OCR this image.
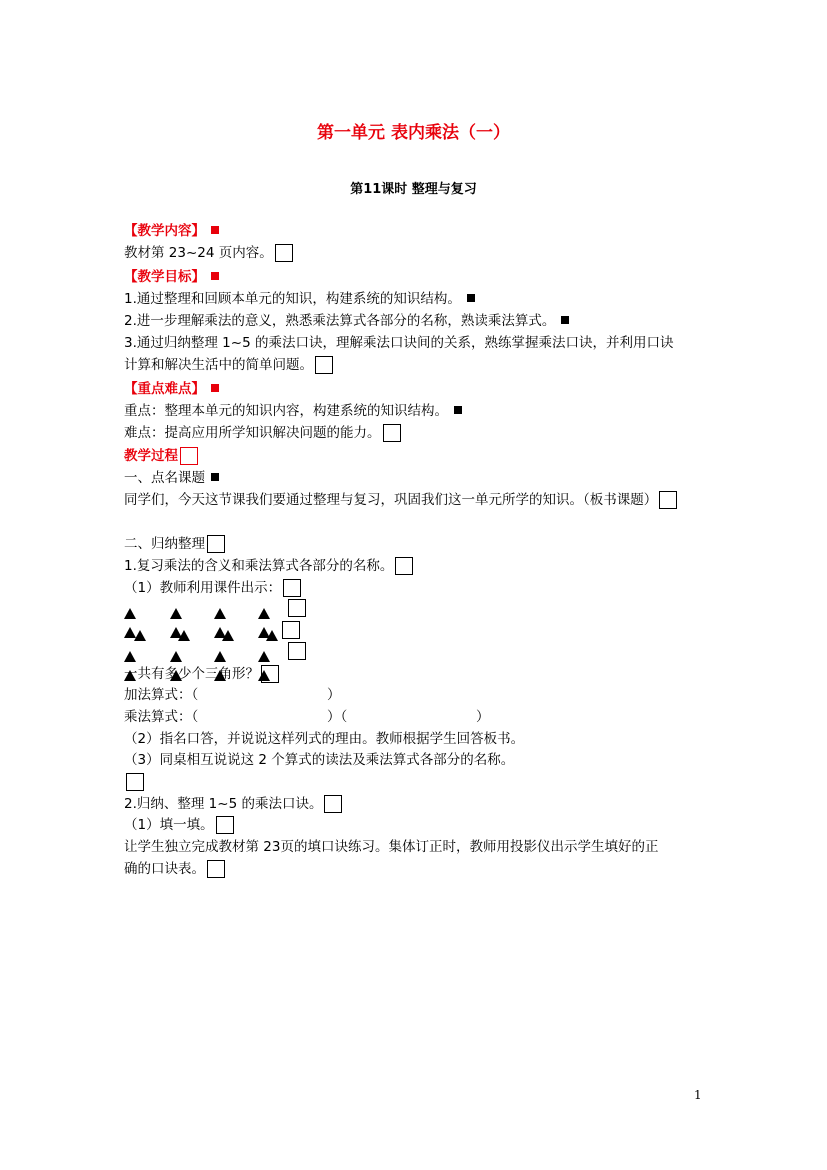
第一单元 表内乘法（一）
第11课时 整理与复习
【教学内容】
教材第 23~24 页内容。
【教学目标】
1.通过整理和回顾本单元的知识，构建系统的知识结构。
2.进一步理解乘法的意义，熟悉乘法算式各部分的名称，熟读乘法算式。
3.通过归纳整理 1~5 的乘法口诀，理解乘法口诀间的关系，熟练掌握乘法口诀，并利用口诀
计算和解决生活中的简单问题。
【重点难点】
重点：整理本单元的知识内容，构建系统的知识结构。
难点：提高应用所学知识解决问题的能力。
教学过程
一、点名课题
同学们，今天这节课我们要通过整理与复习，巩固我们这一单元所学的知识。（板书课题）
二、归纳整理
1.复习乘法的含义和乘法算式各部分的名称。
（1）教师利用课件出示：
一共有多少个三角形？
加法算式：（                              ）
乘法算式：（                              ）（                              ）
（2）指名口答，并说说这样列式的理由。教师根据学生回答板书。
（3）同桌相互说说这 2 个算式的读法及乘法算式各部分的名称。
2.归纳、整理 1~5 的乘法口诀。
（1）填一填。
让学生独立完成教材第 23页的填口诀练习。集体订正时，教师用投影仪出示学生填好的正
确的口诀表。
1
